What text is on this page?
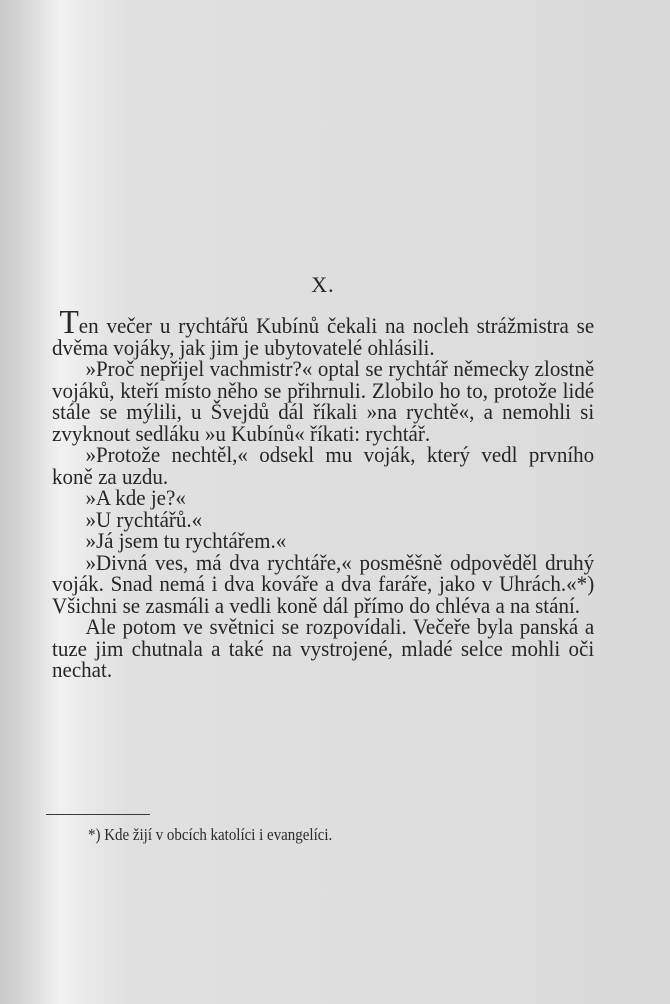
X.

Ten večer u rychtářů Kubínů čekali na nocleh strážmistra se dvěma vojáky, jak jim je ubytovatelé ohlásili.

»Proč nepřijel vachmistr?« optal se rychtář německy zlostně vojáků, kteří místo něho se přihrnuli. Zlobilo ho to, protože lidé stále se mýlili, u Švejdů dál říkali »na rychtě«, a nemohli si zvyknout sedláku »u Kubínů« říkati: rychtář.

»Protože nechtěl,« odsekl mu voják, který vedl prvního koně za uzdu.

»A kde je?«

»U rychtářů.«

»Já jsem tu rychtářem.«

»Divná ves, má dva rychtáře,« posměšně odpověděl druhý voják. Snad nemá i dva kováře a dva faráře, jako v Uhrách.«*) Všichni se zasmáli a vedli koně dál přímo do chléva a na stání.

Ale potom ve světnici se rozpovídali. Večeře byla panská a tuze jim chutnala a také na vystrojené, mladé selce mohli oči nechat.

*) Kde žijí v obcích katolíci i evangelíci.
